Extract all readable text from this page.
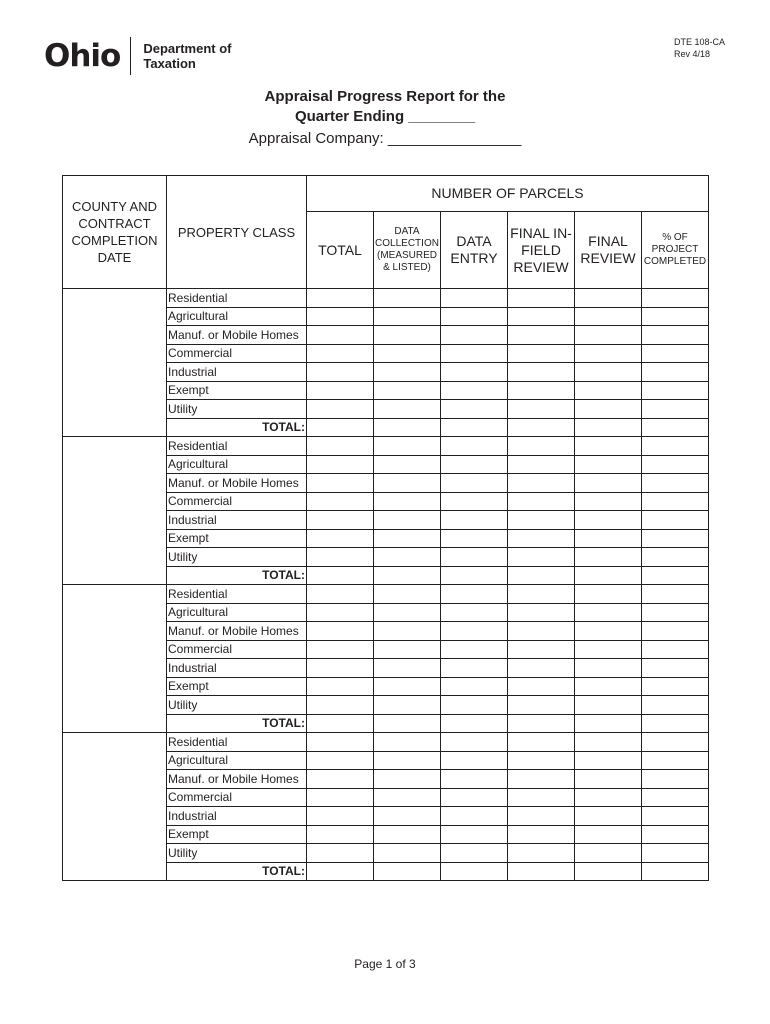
Ohio Department of
Taxation
DTE 108-CA
Rev 4/18
Appraisal Progress Report for the
Quarter Ending ________
Appraisal Company: ________________
COUNTY AND
CONTRACT
COMPLETION
DATE	PROPERTY CLASS	NUMBER OF PARCELS					
		TOTAL	DATA
COLLECTION
(MEASURED
& LISTED)	DATA
ENTRY	FINAL IN-
FIELD
REVIEW	FINAL
REVIEW	% OF
PROJECT
COMPLETED
	Residential						
	Agricultural						
	Manuf. or Mobile Homes						
	Commercial						
	Industrial						
	Exempt						
	Utility						
	TOTAL:						
	Residential						
	Agricultural						
	Manuf. or Mobile Homes						
	Commercial						
	Industrial						
	Exempt						
	Utility						
	TOTAL:						
	Residential						
	Agricultural						
	Manuf. or Mobile Homes						
	Commercial						
	Industrial						
	Exempt						
	Utility						
	TOTAL:						
	Residential						
	Agricultural						
	Manuf. or Mobile Homes						
	Commercial						
	Industrial						
	Exempt						
	Utility						
	TOTAL:						
Page 1 of 3
